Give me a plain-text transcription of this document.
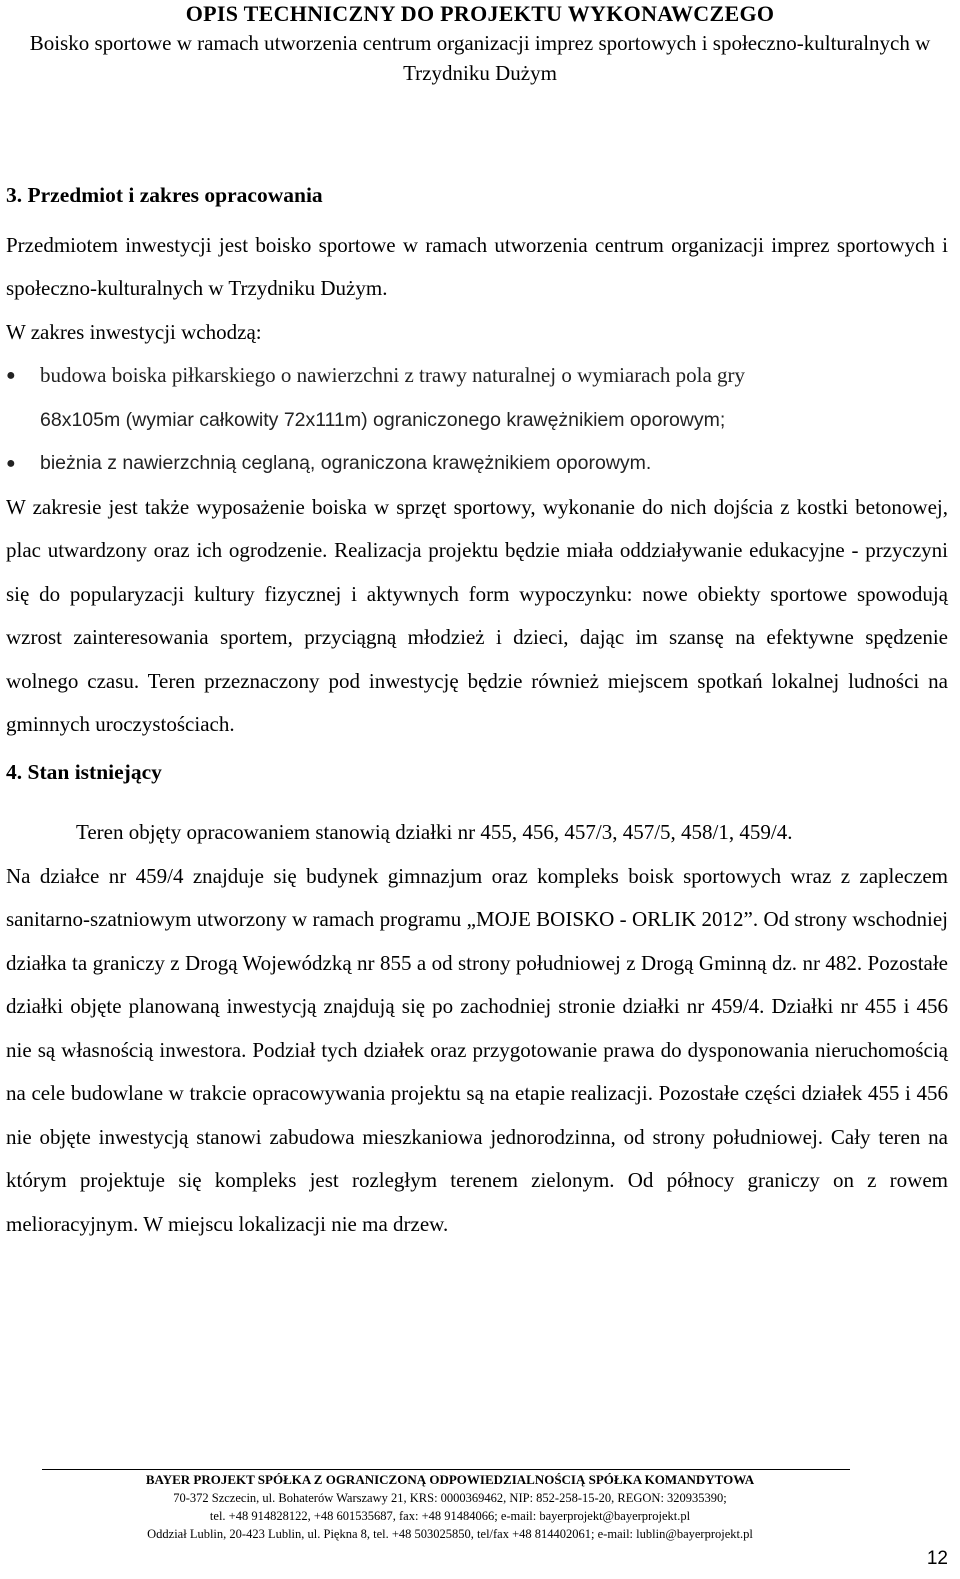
OPIS TECHNICZNY DO PROJEKTU WYKONAWCZEGO
Boisko sportowe w ramach utworzenia centrum organizacji imprez sportowych i społeczno-kulturalnych w Trzydniku Dużym
3. Przedmiot i zakres opracowania

Przedmiotem inwestycji jest boisko sportowe w ramach utworzenia centrum organizacji imprez sportowych i społeczno-kulturalnych w Trzydniku Dużym.

W zakres inwestycji wchodzą:

● budowa boiska piłkarskiego o nawierzchni z trawy naturalnej o wymiarach pola gry
68x105m (wymiar całkowity 72x111m) ograniczonego krawężnikiem oporowym;
● bieżnia z nawierzchnią ceglaną, ograniczona krawężnikiem oporowym.

W zakresie jest także wyposażenie boiska w sprzęt sportowy, wykonanie do nich dojścia z kostki betonowej, plac utwardzony oraz ich ogrodzenie. Realizacja projektu będzie miała oddziaływanie edukacyjne - przyczyni się do popularyzacji kultury fizycznej i aktywnych form wypoczynku: nowe obiekty sportowe spowodują wzrost zainteresowania sportem, przyciągną młodzież i dzieci, dając im szansę na efektywne spędzenie wolnego czasu. Teren przeznaczony pod inwestycję będzie również miejscem spotkań lokalnej ludności na gminnych uroczystościach.

4. Stan istniejący

Teren objęty opracowaniem stanowią działki nr 455, 456, 457/3, 457/5, 458/1, 459/4.

Na działce nr 459/4 znajduje się budynek gimnazjum oraz kompleks boisk sportowych wraz z zapleczem sanitarno-szatniowym utworzony w ramach programu „MOJE BOISKO - ORLIK 2012”. Od strony wschodniej działka ta graniczy z Drogą Wojewódzką nr 855 a od strony południowej z Drogą Gminną dz. nr 482. Pozostałe działki objęte planowaną inwestycją znajdują się po zachodniej stronie działki nr 459/4. Działki nr 455 i 456 nie są własnością inwestora. Podział tych działek oraz przygotowanie prawa do dysponowania nieruchomością na cele budowlane w trakcie opracowywania projektu są na etapie realizacji. Pozostałe części działek 455 i 456 nie objęte inwestycją stanowi zabudowa mieszkaniowa jednorodzinna, od strony południowej. Cały teren na którym projektuje się kompleks jest rozległym terenem zielonym. Od północy graniczy on z rowem melioracyjnym. W miejscu lokalizacji nie ma drzew.

BAYER PROJEKT SPÓŁKA Z OGRANICZONĄ ODPOWIEDZIALNOŚCIĄ SPÓŁKA KOMANDYTOWA
70-372 Szczecin, ul. Bohaterów Warszawy 21, KRS: 0000369462, NIP: 852-258-15-20, REGON: 320935390;
tel. +48 914828122, +48 601535687, fax: +48 91484066; e-mail: bayerprojekt@bayerprojekt.pl
Oddział Lublin, 20-423 Lublin, ul. Piękna 8, tel. +48 503025850, tel/fax +48 814402061; e-mail: lublin@bayerprojekt.pl
12
